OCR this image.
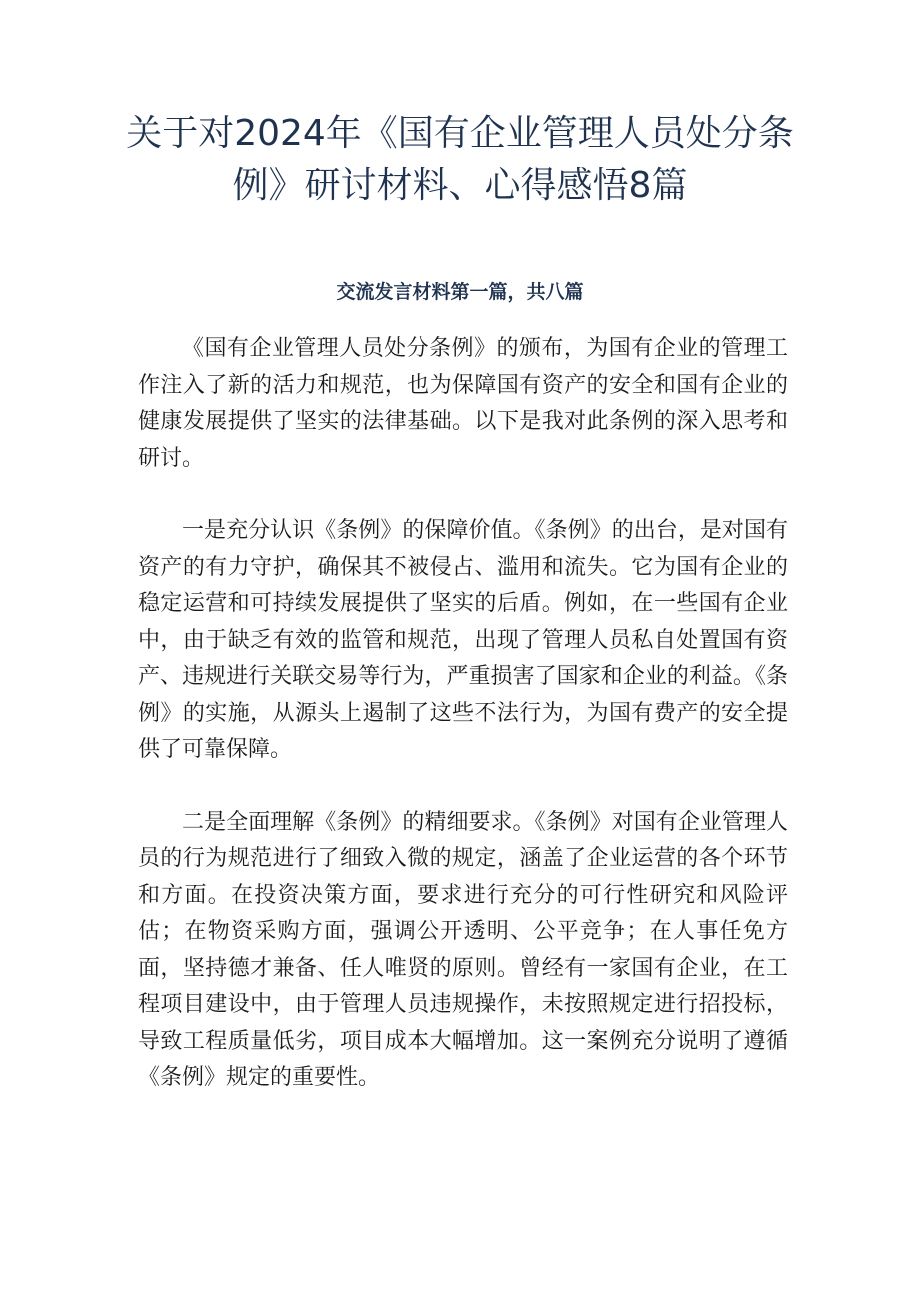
关于对2024年《国有企业管理人员处分条例》研讨材料、心得感悟8篇
交流发言材料第一篇，共八篇

《国有企业管理人员处分条例》的颁布，为国有企业的管理工作注入了新的活力和规范，也为保障国有资产的安全和国有企业的健康发展提供了坚实的法律基础。以下是我对此条例的深入思考和研讨。

一是充分认识《条例》的保障价值。《条例》的出台，是对国有资产的有力守护，确保其不被侵占、滥用和流失。它为国有企业的稳定运营和可持续发展提供了坚实的后盾。例如，在一些国有企业中，由于缺乏有效的监管和规范，出现了管理人员私自处置国有资产、违规进行关联交易等行为，严重损害了国家和企业的利益。《条例》的实施，从源头上遏制了这些不法行为，为国有费产的安全提供了可靠保障。

二是全面理解《条例》的精细要求。《条例》对国有企业管理人员的行为规范进行了细致入微的规定，涵盖了企业运营的各个环节和方面。在投资决策方面，要求进行充分的可行性研究和风险评估；在物资采购方面，强调公开透明、公平竞争；在人事任免方面，坚持德才兼备、任人唯贤的原则。曾经有一家国有企业，在工程项目建设中，由于管理人员违规操作，未按照规定进行招投标，导致工程质量低劣，项目成本大幅增加。这一案例充分说明了遵循《条例》规定的重要性。
